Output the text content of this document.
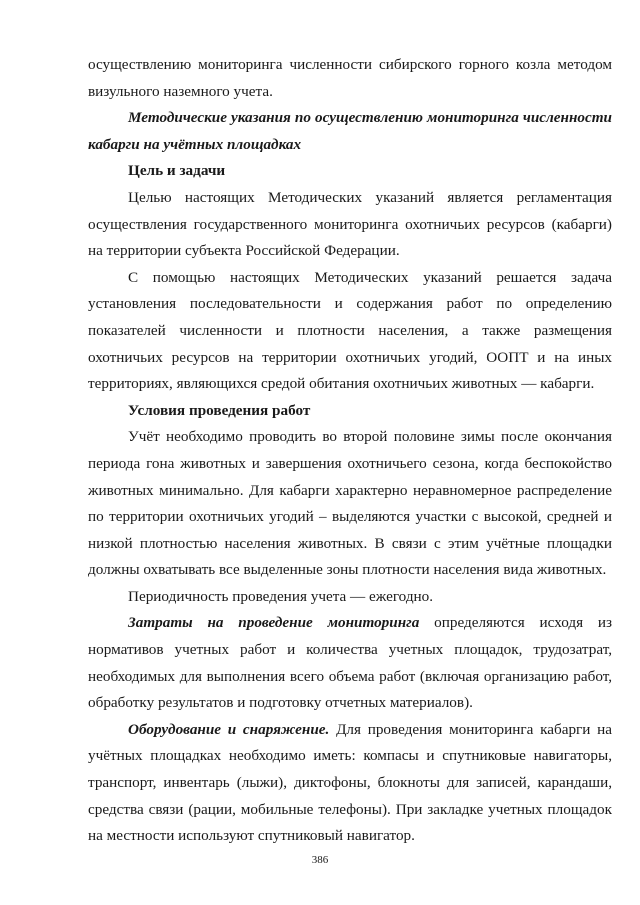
осуществлению мониторинга численности сибирского горного козла методом визульного наземного учета.

Методические указания по осуществлению мониторинга численности кабарги на учётных площадках

Цель и задачи

Целью настоящих Методических указаний является регламентация осуществления государственного мониторинга охотничьих ресурсов (кабарги) на территории субъекта Российской Федерации.

С помощью настоящих Методических указаний решается задача установления последовательности и содержания работ по определению показателей численности и плотности населения, а также размещения охотничьих ресурсов на территории охотничьих угодий, ООПТ и на иных территориях, являющихся средой обитания охотничьих животных — кабарги.

Условия проведения работ

Учёт необходимо проводить во второй половине зимы после окончания периода гона животных и завершения охотничьего сезона, когда беспокойство животных минимально. Для кабарги характерно неравномерное распределение по территории охотничьих угодий – выделяются участки с высокой, средней и низкой плотностью населения животных. В связи с этим учётные площадки должны охватывать все выделенные зоны плотности населения вида животных.

Периодичность проведения учета — ежегодно.

Затраты на проведение мониторинга определяются исходя из нормативов учетных работ и количества учетных площадок, трудозатрат, необходимых для выполнения всего объема работ (включая организацию работ, обработку результатов и подготовку отчетных материалов).

Оборудование и снаряжение. Для проведения мониторинга кабарги на учётных площадках необходимо иметь: компасы и спутниковые навигаторы, транспорт, инвентарь (лыжи), диктофоны, блокноты для записей, карандаши, средства связи (рации, мобильные телефоны). При закладке учетных площадок на местности используют спутниковый навигатор.

386
